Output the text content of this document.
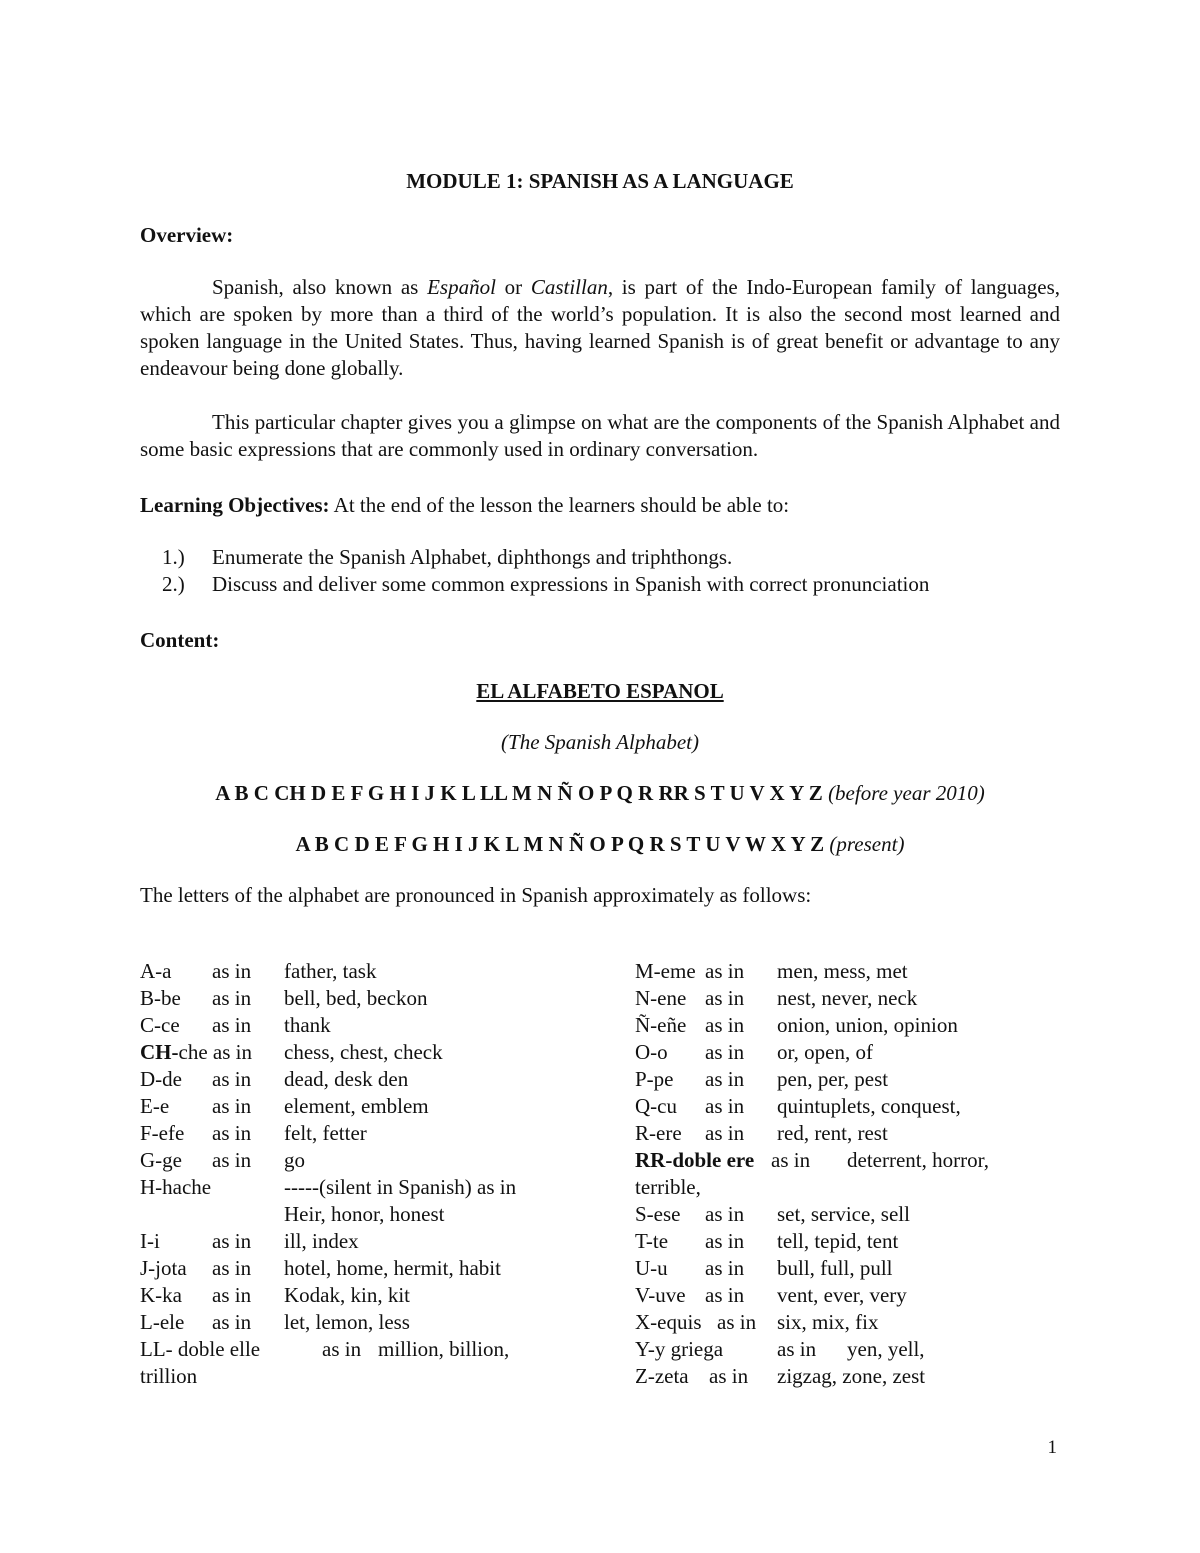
MODULE 1: SPANISH AS A LANGUAGE
Overview:
Spanish, also known as Español or Castillan, is part of the Indo-European family of languages, which are spoken by more than a third of the world’s population. It is also the second most learned and spoken language in the United States. Thus, having learned Spanish is of great benefit or advantage to any endeavour being done globally.
This particular chapter gives you a glimpse on what are the components of the Spanish Alphabet and some basic expressions that are commonly used in ordinary conversation.
Learning Objectives: At the end of the lesson the learners should be able to:
1.) Enumerate the Spanish Alphabet, diphthongs and triphthongs.
2.) Discuss and deliver some common expressions in Spanish with correct pronunciation
Content:
EL ALFABETO ESPANOL
(The Spanish Alphabet)
A B C CH D E F G H I J K L LL M N Ñ O P Q R RR S T U V X Y Z (before year 2010)
A B C D E F G H I J K L M N Ñ O P Q R S T U V W X Y Z (present)
The letters of the alphabet are pronounced in Spanish approximately as follows:
A-a as in father, task
B-be as in bell, bed, beckon
C-ce as in thank
CH-che as in chess, chest, check
D-de as in dead, desk den
E-e as in element, emblem
F-efe as in felt, fetter
G-ge as in go
H-hache	-----(silent in Spanish) as in
Heir, honor, honest
I-i as in ill, index
J-jota as in hotel, home, hermit, habit
K-ka as in Kodak, kin, kit
L-ele as in let, lemon, less
LL- doble elle	as in million, billion,
trillion
M-eme as in men, mess, met
N-ene as in nest, never, neck
Ñ-eñe as in onion, union, opinion
O-o as in or, open, of
P-pe as in pen, per, pest
Q-cu as in quintuplets, conquest,
R-ere as in red, rent, rest
RR-doble ere as in deterrent, horror,
terrible,
S-ese as in set, service, sell
T-te as in tell, tepid, tent
U-u as in bull, full, pull
V-uve as in vent, ever, very
X-equis as in six, mix, fix
Y-y griega	as in yen, yell,
Z-zeta as in zigzag, zone, zest
1
